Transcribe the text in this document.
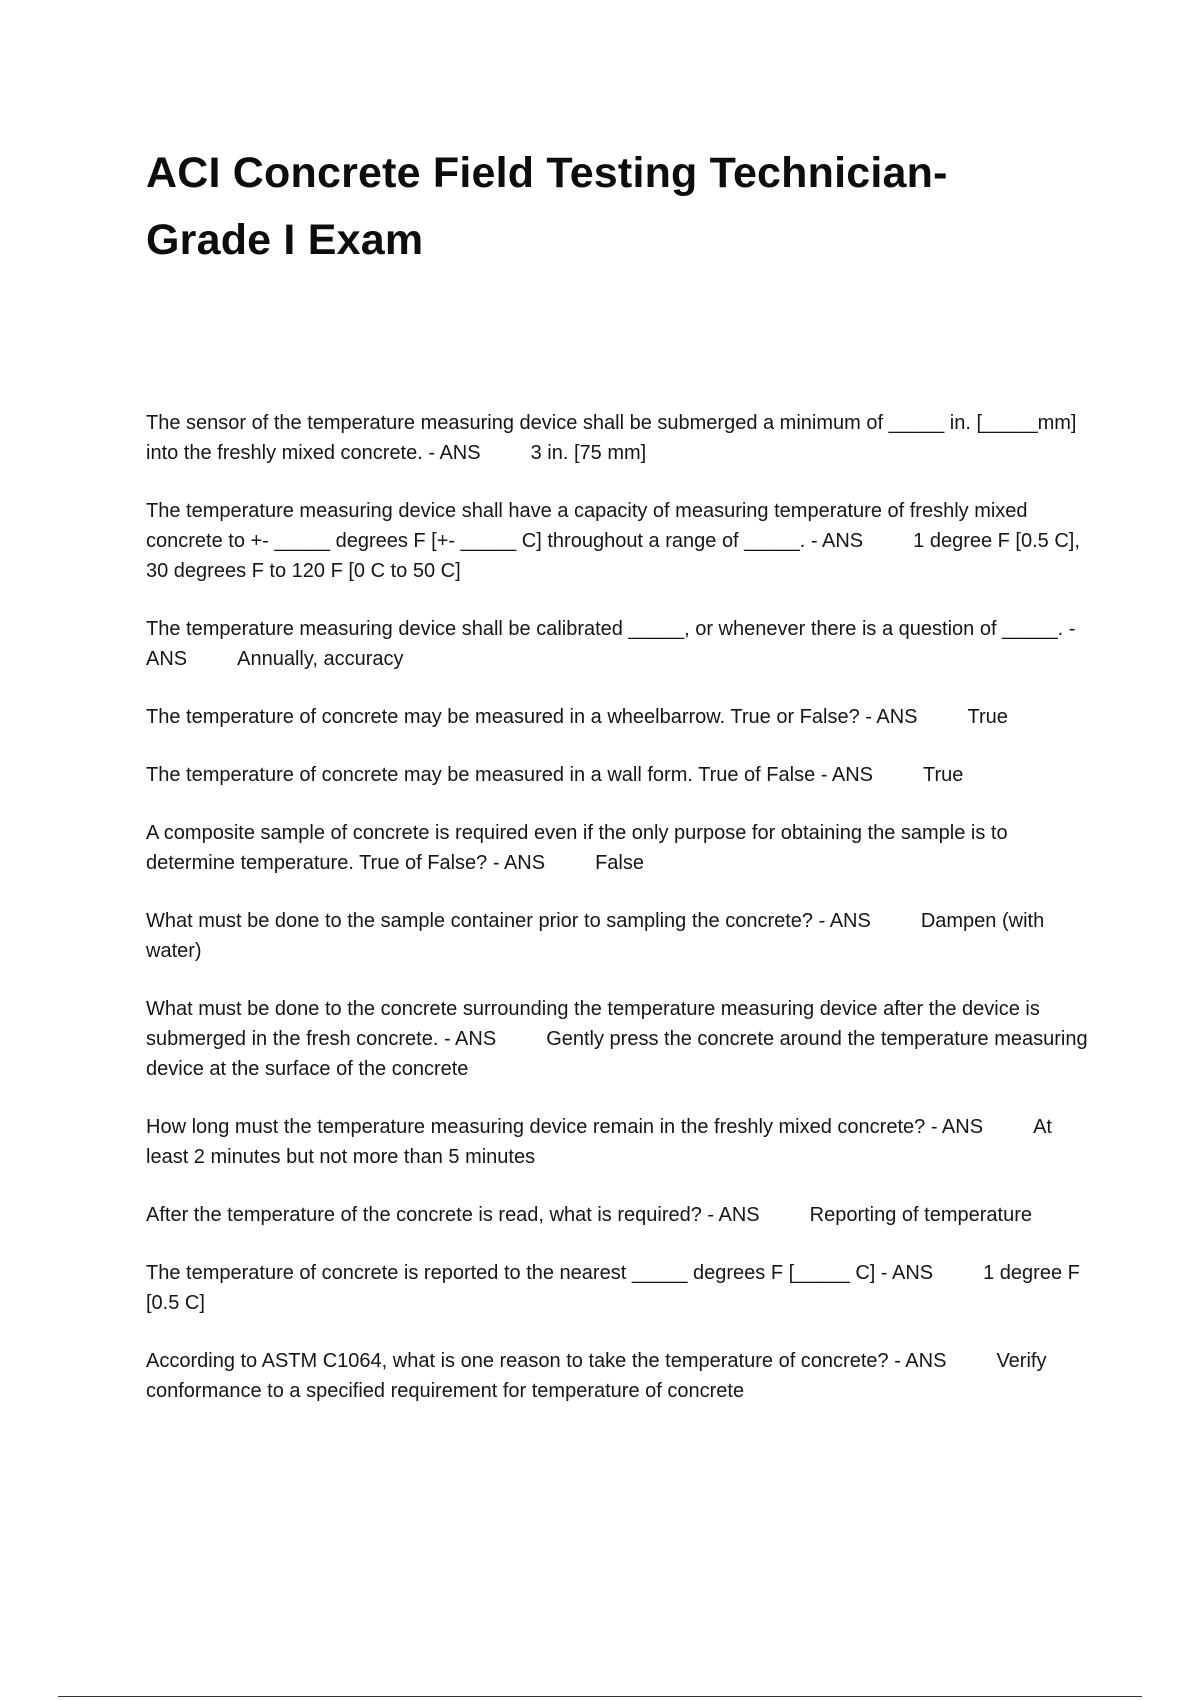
ACI Concrete Field Testing Technician-
Grade I Exam

The sensor of the temperature measuring device shall be submerged a minimum of _____ in. [_____mm] into the freshly mixed concrete. - ANS	3 in. [75 mm]

The temperature measuring device shall have a capacity of measuring temperature of freshly mixed concrete to +- _____ degrees F [+- _____ C] throughout a range of _____. - ANS	1 degree F [0.5 C], 30 degrees F to 120 F [0 C to 50 C]

The temperature measuring device shall be calibrated _____, or whenever there is a question of _____. - ANS	Annually, accuracy

The temperature of concrete may be measured in a wheelbarrow. True or False? - ANS	True

The temperature of concrete may be measured in a wall form. True of False - ANS	True

A composite sample of concrete is required even if the only purpose for obtaining the sample is to determine temperature. True of False? - ANS	False

What must be done to the sample container prior to sampling the concrete? - ANS	Dampen (with water)

What must be done to the concrete surrounding the temperature measuring device after the device is submerged in the fresh concrete. - ANS	Gently press the concrete around the temperature measuring device at the surface of the concrete

How long must the temperature measuring device remain in the freshly mixed concrete? - ANS	At least 2 minutes but not more than 5 minutes

After the temperature of the concrete is read, what is required? - ANS	Reporting of temperature

The temperature of concrete is reported to the nearest _____ degrees F [_____ C] - ANS	1 degree F [0.5 C]

According to ASTM C1064, what is one reason to take the temperature of concrete? - ANS	Verify conformance to a specified requirement for temperature of concrete
